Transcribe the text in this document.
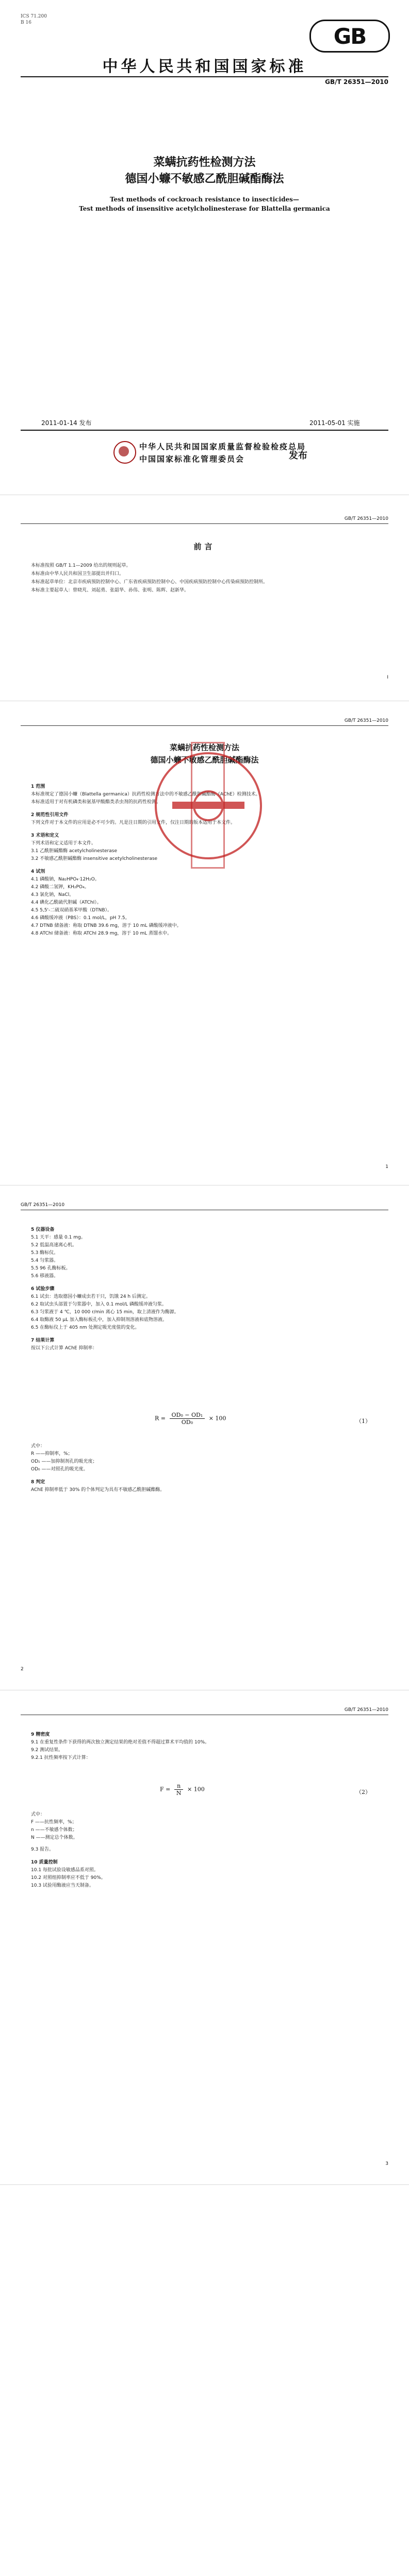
ICS 71.200
B 16
GB
中华人民共和国国家标准
GB/T 26351—2010
菜螨抗药性检测方法
德国小蠊不敏感乙酰胆碱酯酶法
Test methods of cockroach resistance to insecticides—
Test methods of insensitive acetylcholinesterase for Blattella germanica
2011-01-14 发布	2011-05-01 实施
中华人民共和国国家质量监督检验检疫总局
中国国家标准化管理委员会	发布
GB/T 26351—2010
前言
本标准按照 GB/T 1.1—2009 给出的规则起草。
本标准由中华人民共和国卫生部提出并归口。
本标准起草单位：北京市疾病预防控制中心、广东省疾病预防控制中心、中国疾病预防控制中心传染病预防控制所。
本标准主要起草人：曾晓芃、刘起勇、张韶华、孙伟、张明、陈辉、赵新华。
I
GB/T 26351—2010
菜螨抗药性检测方法
德国小蠊不敏感乙酰胆碱酯酶法
1 范围
本标准规定了德国小蠊（Blattella germanica）抗药性检测方法中的不敏感乙酰胆碱酯酶（AChE）检测技术。
本标准适用于对有机磷类和氨基甲酸酯类杀虫剂的抗药性检测。
2 规范性引用文件
下列文件对于本文件的应用是必不可少的。凡是注日期的引用文件，仅注日期的版本适用于本文件。
3 术语和定义
下列术语和定义适用于本文件。
3.1 乙酰胆碱酯酶 acetylcholinesterase
3.2 不敏感乙酰胆碱酯酶 insensitive acetylcholinesterase
4 试剂
4.1 磷酸钠，Na₂HPO₄·12H₂O。
4.2 磷酸二氢钾，KH₂PO₄。
4.3 氯化钠，NaCl。
4.4 碘化乙酰硫代胆碱（ATChI）。
4.5 5,5'-二硫双硝基苯甲酸（DTNB）。
4.6 磷酸缓冲液（PBS）：0.1 mol/L，pH 7.5。
4.7 DTNB 储备液：称取 DTNB 39.6 mg，溶于 10 mL 磷酸缓冲液中。
4.8 ATChI 储备液：称取 ATChI 28.9 mg，溶于 10 mL 蒸馏水中。
1
GB/T 26351—2010
5 仪器设备
5.1 天平：感量 0.1 mg。
5.2 低温高速离心机。
5.3 酶标仪。
5.4 匀浆器。
5.5 96 孔酶标板。
5.6 移液器。
6 试验步骤
6.1 试虫：选取德国小蠊成虫若干只，饥饿 24 h 后测定。
6.2 取试虫头部置于匀浆器中，加入 0.1 mol/L 磷酸缓冲液匀浆。
6.3 匀浆液于 4 ℃，10 000 r/min 离心 15 min，取上清液作为酶源。
6.4 取酶液 50 μL 加入酶标板孔中，加入抑制剂溶液和底物溶液。
6.5 在酶标仪上于 405 nm 处测定吸光度值的变化。
7 结果计算
按以下公式计算 AChE 抑制率：
$R = \frac{\text{OD₀ − OD₁}}{\text{OD₀}} \times 100$	（1）
式中：
R ——抑制率，%；
OD₁ ——加抑制剂孔的吸光度；
OD₀ ——对照孔的吸光度。
8 判定
AChE 抑制率低于 30% 的个体判定为具有不敏感乙酰胆碱酯酶。
2
GB/T 26351—2010
9 精密度
9.1 在重复性条件下获得的两次独立测定结果的绝对差值不得超过算术平均值的 10%。
9.2 测试结果。
9.2.1 抗性频率按下式计算：
$F = \frac{n}{N} \times 100$	（2）
式中：
F ——抗性频率，%；
n ——不敏感个体数；
N ——测定总个体数。
9.3 报告。
10 质量控制
10.1 每批试验设敏感品系对照。
10.2 对照组抑制率应不低于 90%。
10.3 试验用酶液应当天制备。
3
